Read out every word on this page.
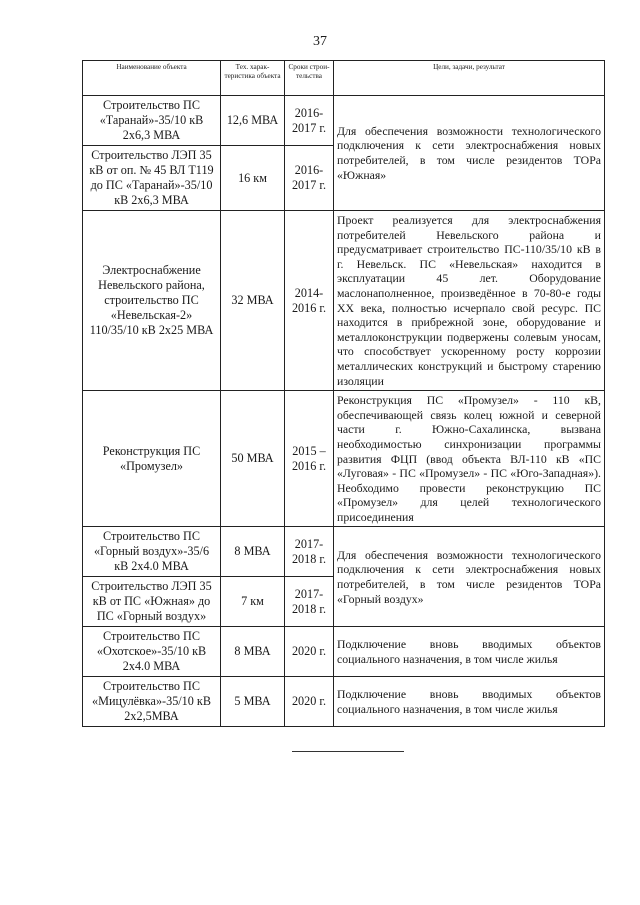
37
Наименование объекта	Тех. харак-теристика объекта	Сроки строи-тельства	Цели, задачи, результат
Строительство ПС «Таранай»-35/10 кВ 2х6,3 МВА	12,6 МВА	2016-2017 г.	Для обеспечения возможности технологического подключения к сети электроснабжения новых потребителей, в том числе резидентов ТОРа «Южная»
Строительство ЛЭП 35 кВ от оп. № 45 ВЛ Т119 до ПС «Таранай»-35/10 кВ 2х6,3 МВА	16 км	2016-2017 г.	
Электроснабжение Невельского района, строительство ПС «Невельская-2» 110/35/10 кВ 2х25 МВА	32 МВА	2014-2016 г.	Проект реализуется для электроснабжения потребителей Невельского района и предусматривает строительство ПС-110/35/10 кВ в г. Невельск. ПС «Невельская» находится в эксплуатации 45 лет. Оборудование маслонаполненное, произведённое в 70-80-е годы ХХ века, полностью исчерпало свой ресурс. ПС находится в прибрежной зоне, оборудование и металлоконструкции подвержены солевым уносам, что способствует ускоренному росту коррозии металлических конструкций и быстрому старению изоляции
Реконструкция ПС «Промузел»	50 МВА	2015 – 2016 г.	Реконструкция ПС «Промузел» - 110 кВ, обеспечивающей связь колец южной и северной части г. Южно-Сахалинска, вызвана необходимостью синхронизации программы развития ФЦП (ввод объекта ВЛ-110 кВ «ПС «Луговая» - ПС «Промузел» - ПС «Юго-Западная»). Необходимо провести реконструкцию ПС «Промузел» для целей технологического присоединения
Строительство ПС «Горный воздух»-35/6 кВ 2х4.0 МВА	8 МВА	2017-2018 г.	Для обеспечения возможности технологического подключения к сети электроснабжения новых потребителей, в том числе резидентов ТОРа «Горный воздух»
Строительство ЛЭП 35 кВ от ПС «Южная» до ПС «Горный воздух»	7 км	2017-2018 г.	
Строительство ПС «Охотское»-35/10 кВ 2х4.0 МВА	8 МВА	2020 г.	Подключение вновь вводимых объектов социального назначения, в том числе жилья
Строительство ПС «Мицулёвка»-35/10 кВ 2х2,5МВА	5 МВА	2020 г.	Подключение вновь вводимых объектов социального назначения, в том числе жилья
